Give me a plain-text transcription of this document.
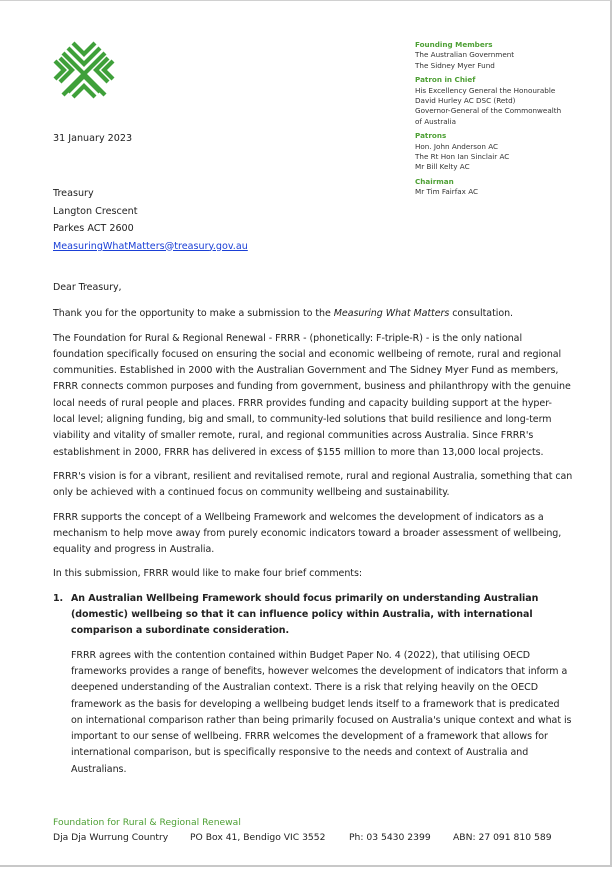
Founding Members
The Australian Government
The Sidney Myer Fund
Patron in Chief
His Excellency General the Honourable
David Hurley AC DSC (Retd)
Governor-General of the Commonwealth
of Australia
Patrons
Hon. John Anderson AC
The Rt Hon Ian Sinclair AC
Mr Bill Kelty AC
Chairman
Mr Tim Fairfax AC
31 January 2023
Treasury
Langton Crescent
Parkes ACT 2600
MeasuringWhatMatters@treasury.gov.au

Dear Treasury,

Thank you for the opportunity to make a submission to the Measuring What Matters consultation.

The Foundation for Rural & Regional Renewal - FRRR - (phonetically: F-triple-R) - is the only national foundation specifically focused on ensuring the social and economic wellbeing of remote, rural and regional communities. Established in 2000 with the Australian Government and The Sidney Myer Fund as members, FRRR connects common purposes and funding from government, business and philanthropy with the genuine local needs of rural people and places. FRRR provides funding and capacity building support at the hyper-local level; aligning funding, big and small, to community-led solutions that build resilience and long-term viability and vitality of smaller remote, rural, and regional communities across Australia. Since FRRR's establishment in 2000, FRRR has delivered in excess of $155 million to more than 13,000 local projects.

FRRR's vision is for a vibrant, resilient and revitalised remote, rural and regional Australia, something that can only be achieved with a continued focus on community wellbeing and sustainability.

FRRR supports the concept of a Wellbeing Framework and welcomes the development of indicators as a mechanism to help move away from purely economic indicators toward a broader assessment of wellbeing, equality and progress in Australia.

In this submission, FRRR would like to make four brief comments:

1. An Australian Wellbeing Framework should focus primarily on understanding Australian (domestic) wellbeing so that it can influence policy within Australia, with international comparison a subordinate consideration.

FRRR agrees with the contention contained within Budget Paper No. 4 (2022), that utilising OECD frameworks provides a range of benefits, however welcomes the development of indicators that inform a deepened understanding of the Australian context. There is a risk that relying heavily on the OECD framework as the basis for developing a wellbeing budget lends itself to a framework that is predicated on international comparison rather than being primarily focused on Australia's unique context and what is important to our sense of wellbeing. FRRR welcomes the development of a framework that allows for international comparison, but is specifically responsive to the needs and context of Australia and Australians.

Foundation for Rural & Regional Renewal
Dja Dja Wurrung Country	PO Box 41, Bendigo VIC 3552	Ph: 03 5430 2399	ABN: 27 091 810 589
